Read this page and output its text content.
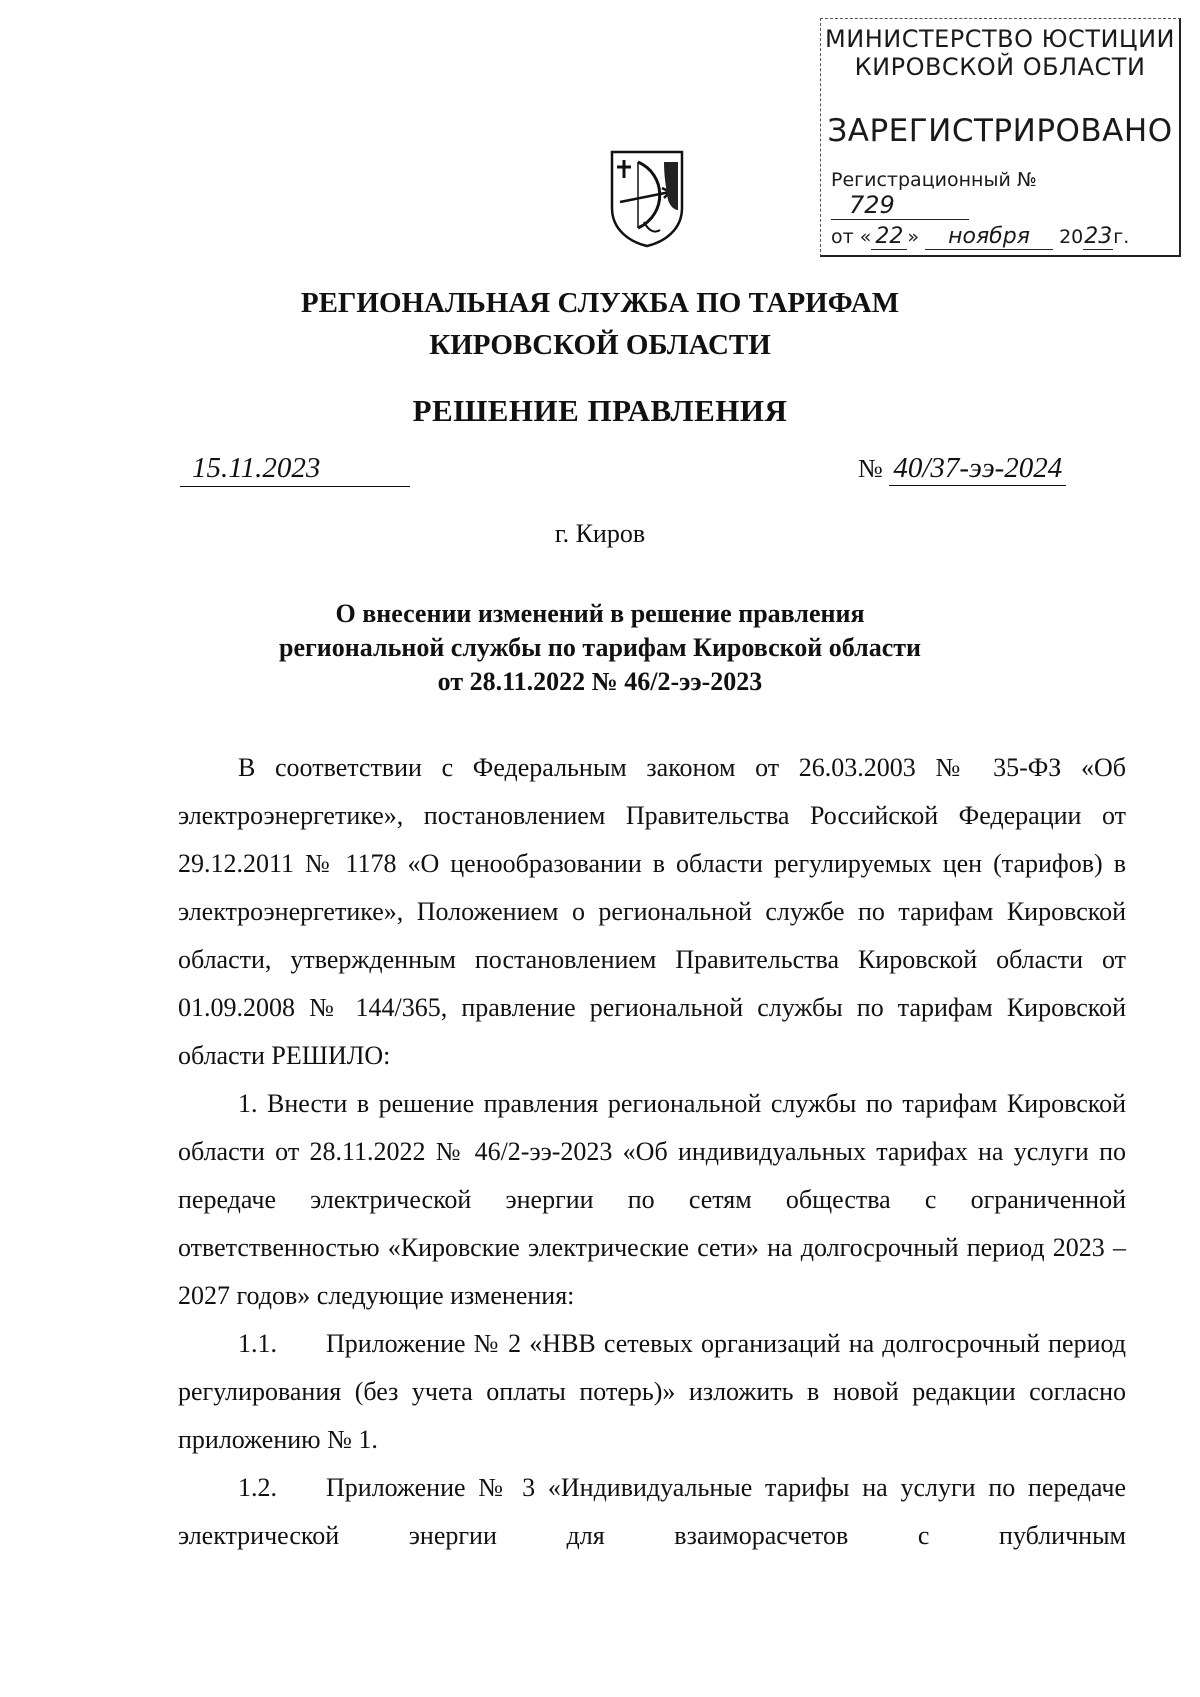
МИНИСТЕРСТВО ЮСТИЦИИ
КИРОВСКОЙ ОБЛАСТИ
ЗАРЕГИСТРИРОВАНО
Регистрационный № 729
от « 22 » ноября 2023г.
РЕГИОНАЛЬНАЯ СЛУЖБА ПО ТАРИФАМ
КИРОВСКОЙ ОБЛАСТИ
РЕШЕНИЕ ПРАВЛЕНИЯ
15.11.2023	№ 40/37-ээ-2024
г. Киров
О внесении изменений в решение правления
региональной службы по тарифам Кировской области
от 28.11.2022 № 46/2-ээ-2023

В соответствии с Федеральным законом от 26.03.2003 № 35-ФЗ «Об электроэнергетике», постановлением Правительства Российской Федерации от 29.12.2011 № 1178 «О ценообразовании в области регулируемых цен (тарифов) в электроэнергетике», Положением о региональной службе по тарифам Кировской области, утвержденным постановлением Правительства Кировской области от 01.09.2008 № 144/365, правление региональной службы по тарифам Кировской области РЕШИЛО:

1. Внести в решение правления региональной службы по тарифам Кировской области от 28.11.2022 № 46/2-ээ-2023 «Об индивидуальных тарифах на услуги по передаче электрической энергии по сетям общества с ограниченной ответственностью «Кировские электрические сети» на долгосрочный период 2023 – 2027 годов» следующие изменения:

1.1. Приложение № 2 «НВВ сетевых организаций на долгосрочный период регулирования (без учета оплаты потерь)» изложить в новой редакции согласно приложению № 1.

1.2. Приложение № 3 «Индивидуальные тарифы на услуги по передаче электрической энергии для взаиморасчетов с публичным
